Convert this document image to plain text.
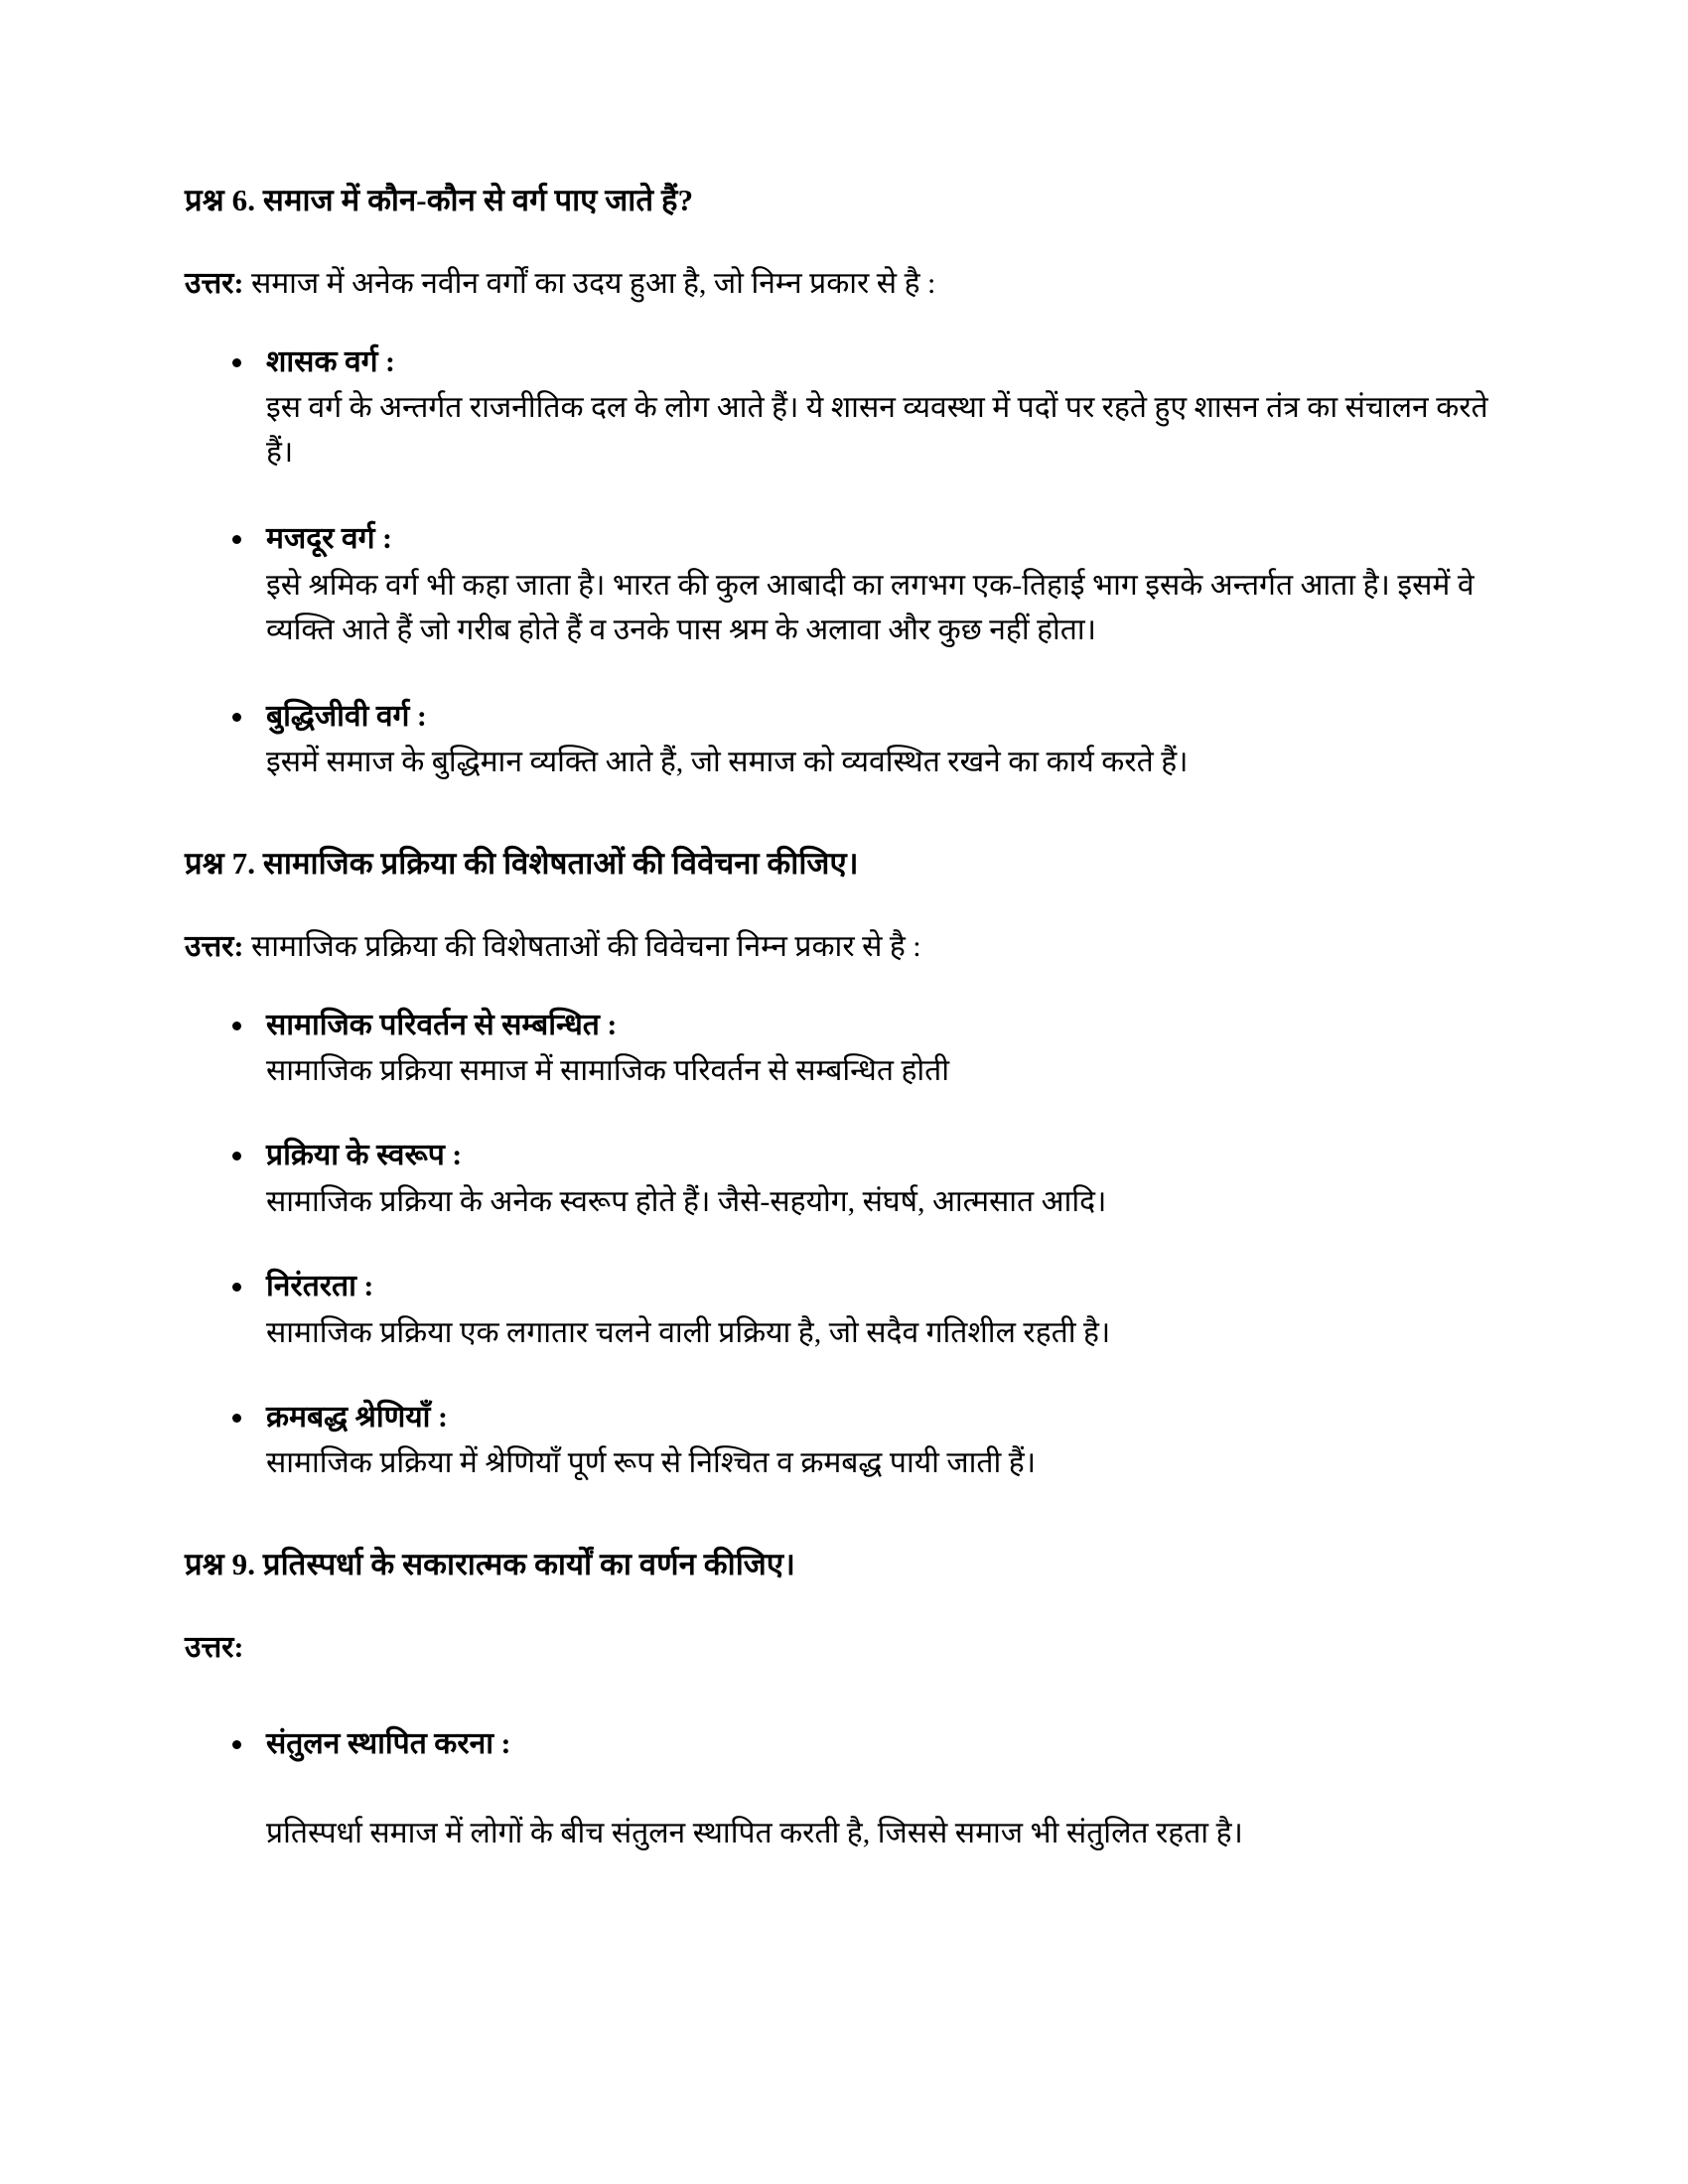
प्रश्न 6. समाज में कौन-कौन से वर्ग पाए जाते हैं?

उत्तर: समाज में अनेक नवीन वर्गों का उदय हुआ है, जो निम्न प्रकार से है :

शासक वर्ग :
इस वर्ग के अन्तर्गत राजनीतिक दल के लोग आते हैं। ये शासन व्यवस्था में पदों पर रहते हुए शासन तंत्र का संचालन करते हैं।
मजदूर वर्ग :
इसे श्रमिक वर्ग भी कहा जाता है। भारत की कुल आबादी का लगभग एक-तिहाई भाग इसके अन्तर्गत आता है। इसमें वे व्यक्ति आते हैं जो गरीब होते हैं व उनके पास श्रम के अलावा और कुछ नहीं होता।
बुद्धिजीवी वर्ग :
इसमें समाज के बुद्धिमान व्यक्ति आते हैं, जो समाज को व्यवस्थित रखने का कार्य करते हैं।

प्रश्न 7. सामाजिक प्रक्रिया की विशेषताओं की विवेचना कीजिए।

उत्तर: सामाजिक प्रक्रिया की विशेषताओं की विवेचना निम्न प्रकार से है :

सामाजिक परिवर्तन से सम्बन्धित :
सामाजिक प्रक्रिया समाज में सामाजिक परिवर्तन से सम्बन्धित होती
प्रक्रिया के स्वरूप :
सामाजिक प्रक्रिया के अनेक स्वरूप होते हैं। जैसे-सहयोग, संघर्ष, आत्मसात आदि।
निरंतरता :
सामाजिक प्रक्रिया एक लगातार चलने वाली प्रक्रिया है, जो सदैव गतिशील रहती है।
क्रमबद्ध श्रेणियाँ :
सामाजिक प्रक्रिया में श्रेणियाँ पूर्ण रूप से निश्चित व क्रमबद्ध पायी जाती हैं।

प्रश्न 9. प्रतिस्पर्धा के सकारात्मक कार्यों का वर्णन कीजिए।

उत्तर:

संतुलन स्थापित करना :
प्रतिस्पर्धा समाज में लोगों के बीच संतुलन स्थापित करती है, जिससे समाज भी संतुलित रहता है।
